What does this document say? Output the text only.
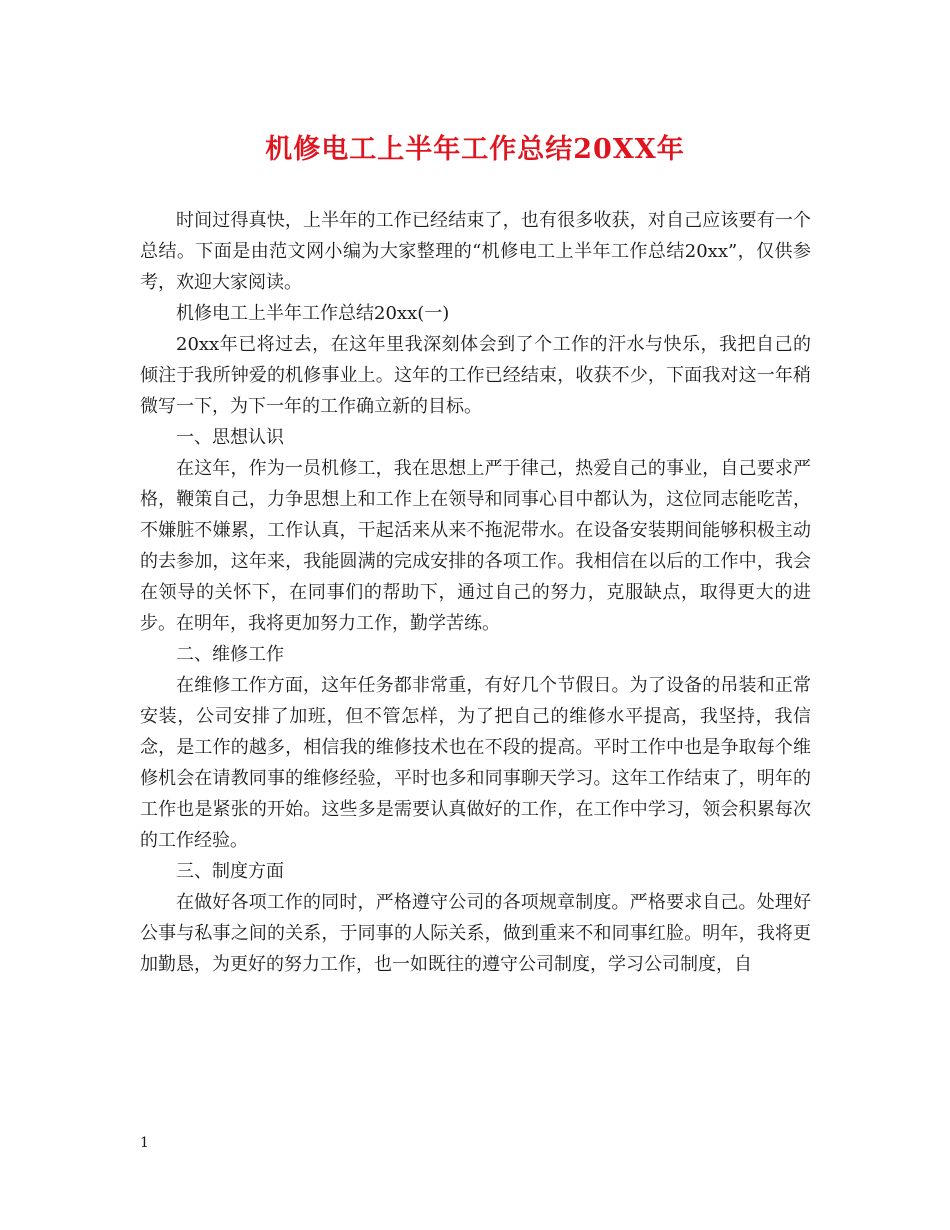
机修电工上半年工作总结20XX年

时间过得真快，上半年的工作已经结束了，也有很多收获，对自己应该要有一个总结。下面是由范文网小编为大家整理的“机修电工上半年工作总结20xx”，仅供参考，欢迎大家阅读。

机修电工上半年工作总结20xx(一)

20xx年已将过去，在这年里我深刻体会到了个工作的汗水与快乐，我把自己的倾注于我所钟爱的机修事业上。这年的工作已经结束，收获不少，下面我对这一年稍微写一下，为下一年的工作确立新的目标。

一、思想认识

在这年，作为一员机修工，我在思想上严于律己，热爱自己的事业，自己要求严格，鞭策自己，力争思想上和工作上在领导和同事心目中都认为，这位同志能吃苦，不嫌脏不嫌累，工作认真，干起活来从来不拖泥带水。在设备安装期间能够积极主动的去参加，这年来，我能圆满的完成安排的各项工作。我相信在以后的工作中，我会在领导的关怀下，在同事们的帮助下，通过自己的努力，克服缺点，取得更大的进步。在明年，我将更加努力工作，勤学苦练。

二、维修工作

在维修工作方面，这年任务都非常重，有好几个节假日。为了设备的吊装和正常安装，公司安排了加班，但不管怎样，为了把自己的维修水平提高，我坚持，我信念，是工作的越多，相信我的维修技术也在不段的提高。平时工作中也是争取每个维修机会在请教同事的维修经验，平时也多和同事聊天学习。这年工作结束了，明年的工作也是紧张的开始。这些多是需要认真做好的工作，在工作中学习，领会积累每次的工作经验。

三、制度方面

在做好各项工作的同时，严格遵守公司的各项规章制度。严格要求自己。处理好公事与私事之间的关系，于同事的人际关系，做到重来不和同事红脸。明年，我将更加勤恳，为更好的努力工作，也一如既往的遵守公司制度，学习公司制度，自

1
